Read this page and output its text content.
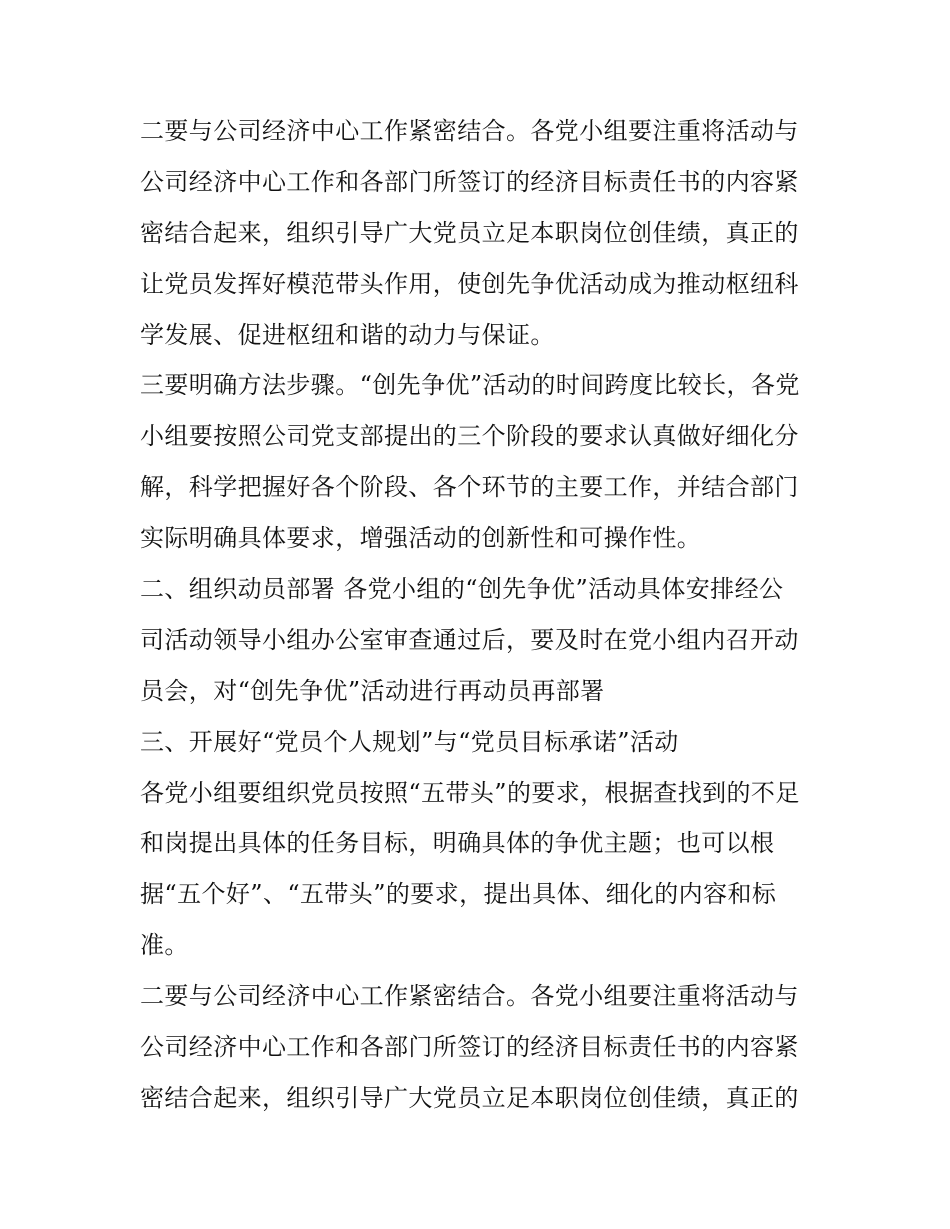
二要与公司经济中心工作紧密结合。各党小组要注重将活动与
公司经济中心工作和各部门所签订的经济目标责任书的内容紧
密结合起来，组织引导广大党员立足本职岗位创佳绩，真正的
让党员发挥好模范带头作用，使创先争优活动成为推动枢纽科
学发展、促进枢纽和谐的动力与保证。
三要明确方法步骤。“创先争优”活动的时间跨度比较长，各党
小组要按照公司党支部提出的三个阶段的要求认真做好细化分
解，科学把握好各个阶段、各个环节的主要工作，并结合部门
实际明确具体要求，增强活动的创新性和可操作性。
二、组织动员部署 各党小组的“创先争优”活动具体安排经公
司活动领导小组办公室审查通过后，要及时在党小组内召开动
员会，对“创先争优”活动进行再动员再部署
三、开展好“党员个人规划”与“党员目标承诺”活动
各党小组要组织党员按照“五带头”的要求，根据查找到的不足
和岗提出具体的任务目标，明确具体的争优主题；也可以根
据“五个好”、“五带头”的要求，提出具体、细化的内容和标
准。
二要与公司经济中心工作紧密结合。各党小组要注重将活动与
公司经济中心工作和各部门所签订的经济目标责任书的内容紧
密结合起来，组织引导广大党员立足本职岗位创佳绩，真正的
